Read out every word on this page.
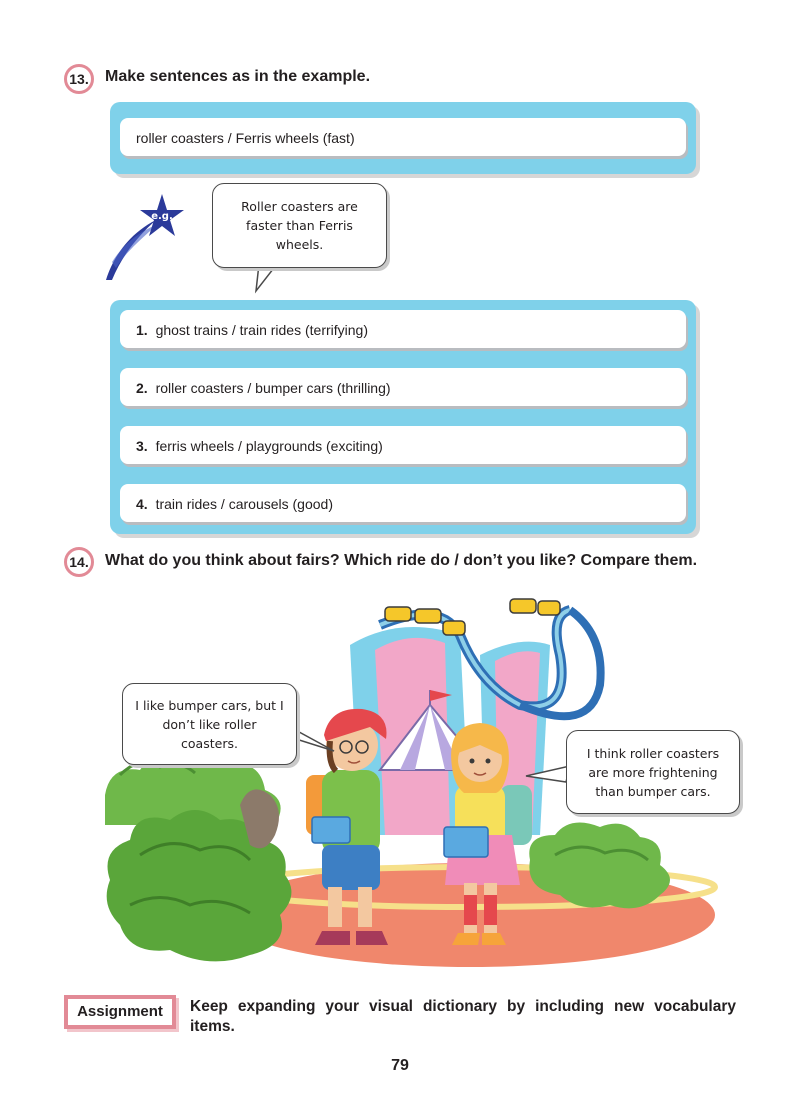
13.	Make sentences as in the example.
roller coasters / Ferris wheels (fast)
e.g.
Roller coasters are faster than Ferris wheels.
1. ghost trains / train rides (terrifying)
2. roller coasters / bumper cars (thrilling)
3. ferris wheels / playgrounds (exciting)
4. train rides / carousels (good)
14.	What do you think about fairs? Which ride do / don’t you like? Compare them.
I like bumper cars, but I don’t like roller coasters.
I think roller coasters are more frightening than bumper cars.
Assignment	Keep expanding your visual dictionary by including new vocabulary items.
79
